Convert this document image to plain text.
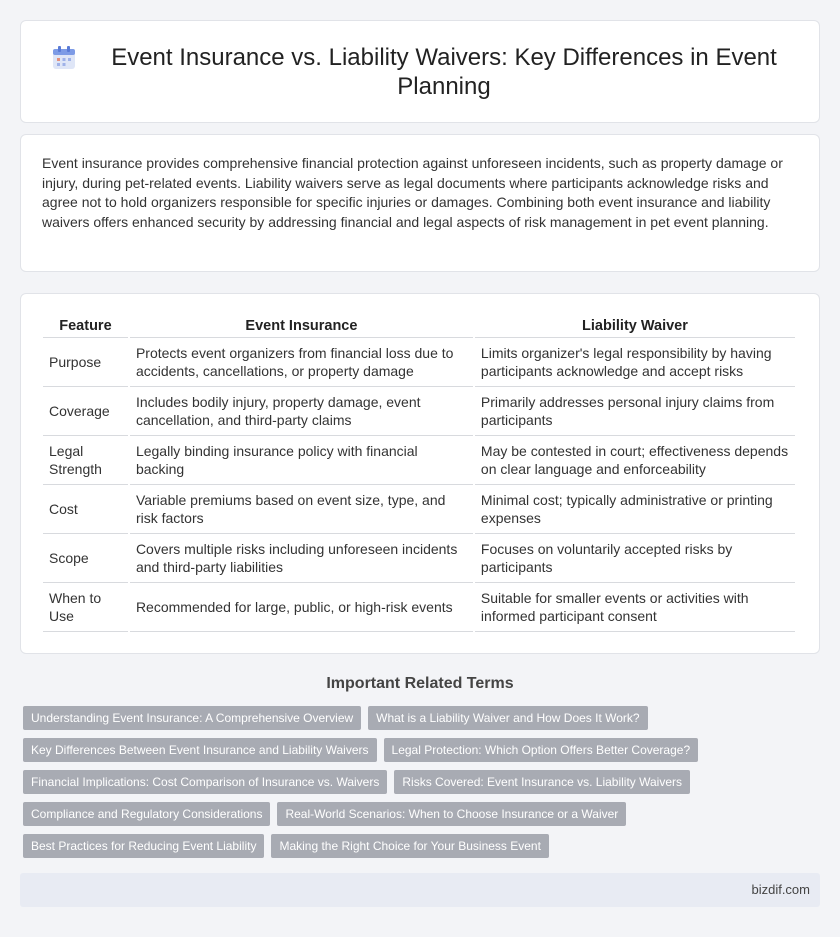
Event Insurance vs. Liability Waivers: Key Differences in Event Planning

Event insurance provides comprehensive financial protection against unforeseen incidents, such as property damage or injury, during pet-related events. Liability waivers serve as legal documents where participants acknowledge risks and agree not to hold organizers responsible for specific injuries or damages. Combining both event insurance and liability waivers offers enhanced security by addressing financial and legal aspects of risk management in pet event planning.

Feature	Event Insurance	Liability Waiver
Purpose	Protects event organizers from financial loss due to accidents, cancellations, or property damage	Limits organizer's legal responsibility by having participants acknowledge and accept risks
Coverage	Includes bodily injury, property damage, event cancellation, and third-party claims	Primarily addresses personal injury claims from participants
Legal Strength	Legally binding insurance policy with financial backing	May be contested in court; effectiveness depends on clear language and enforceability
Cost	Variable premiums based on event size, type, and risk factors	Minimal cost; typically administrative or printing expenses
Scope	Covers multiple risks including unforeseen incidents and third-party liabilities	Focuses on voluntarily accepted risks by participants
When to Use	Recommended for large, public, or high-risk events	Suitable for smaller events or activities with informed participant consent
Important Related Terms
Understanding Event Insurance: A Comprehensive Overview	What is a Liability Waiver and How Does It Work?
Key Differences Between Event Insurance and Liability Waivers	Legal Protection: Which Option Offers Better Coverage?
Financial Implications: Cost Comparison of Insurance vs. Waivers	Risks Covered: Event Insurance vs. Liability Waivers
Compliance and Regulatory Considerations	Real-World Scenarios: When to Choose Insurance or a Waiver
Best Practices for Reducing Event Liability	Making the Right Choice for Your Business Event
bizdif.com
